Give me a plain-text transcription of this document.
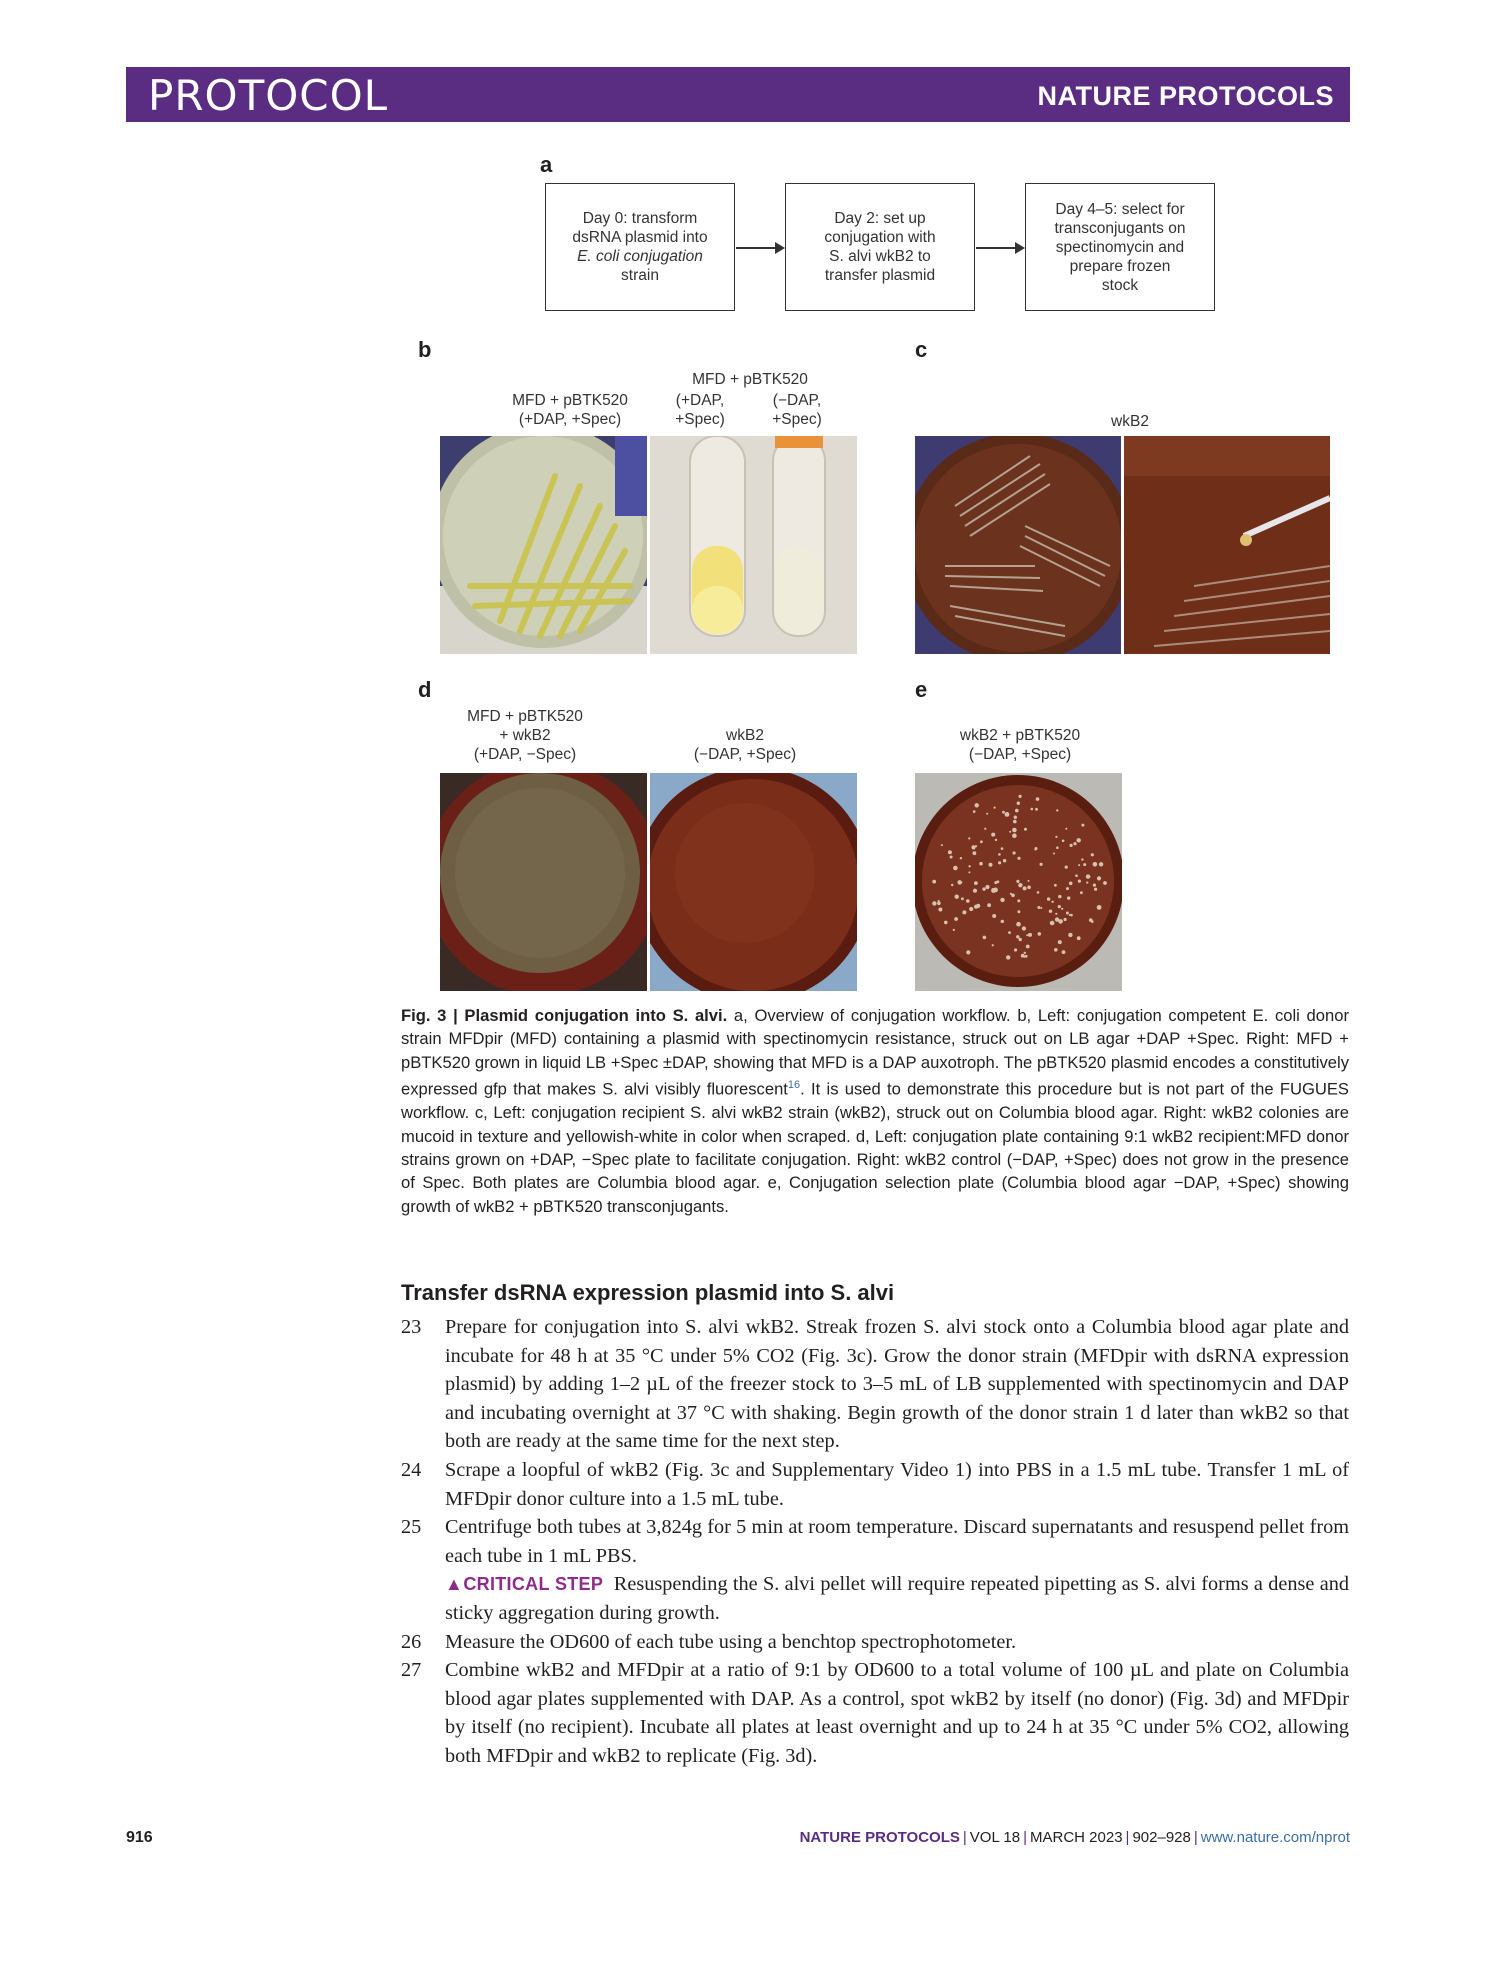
PROTOCOL	NATURE PROTOCOLS
a
Day 0: transform
dsRNA plasmid into
E. coli conjugation
strain
Day 2: set up
conjugation with
S. alvi wkB2 to
transfer plasmid
Day 4–5: select for
transconjugants on
spectinomycin and
prepare frozen
stock
b
MFD + pBTK520
(+DAP, +Spec)
MFD + pBTK520
(+DAP,
+Spec)
(−DAP,
+Spec)
c
wkB2
d
MFD + pBTK520
+ wkB2
(+DAP, −Spec)
wkB2
(−DAP, +Spec)
e
wkB2 + pBTK520
(−DAP, +Spec)
Fig. 3 | Plasmid conjugation into S. alvi. a, Overview of conjugation workflow. b, Left: conjugation competent E. coli donor strain MFDpir (MFD) containing a plasmid with spectinomycin resistance, struck out on LB agar +DAP +Spec. Right: MFD + pBTK520 grown in liquid LB +Spec ±DAP, showing that MFD is a DAP auxotroph. The pBTK520 plasmid encodes a constitutively expressed gfp that makes S. alvi visibly fluorescent$^{16}$. It is used to demonstrate this procedure but is not part of the FUGUES workflow. c, Left: conjugation recipient S. alvi wkB2 strain (wkB2), struck out on Columbia blood agar. Right: wkB2 colonies are mucoid in texture and yellowish-white in color when scraped. d, Left: conjugation plate containing 9:1 wkB2 recipient:MFD donor strains grown on +DAP, −Spec plate to facilitate conjugation. Right: wkB2 control (−DAP, +Spec) does not grow in the presence of Spec. Both plates are Columbia blood agar. e, Conjugation selection plate (Columbia blood agar −DAP, +Spec) showing growth of wkB2 + pBTK520 transconjugants.
Transfer dsRNA expression plasmid into S. alvi
23 Prepare for conjugation into S. alvi wkB2. Streak frozen S. alvi stock onto a Columbia blood agar plate and incubate for 48 h at 35 °C under 5% CO2 (Fig. 3c). Grow the donor strain (MFDpir with dsRNA expression plasmid) by adding 1–2 µL of the freezer stock to 3–5 mL of LB supplemented with spectinomycin and DAP and incubating overnight at 37 °C with shaking. Begin growth of the donor strain 1 d later than wkB2 so that both are ready at the same time for the next step.
24 Scrape a loopful of wkB2 (Fig. 3c and Supplementary Video 1) into PBS in a 1.5 mL tube. Transfer 1 mL of MFDpir donor culture into a 1.5 mL tube.
25 Centrifuge both tubes at 3,824g for 5 min at room temperature. Discard supernatants and resuspend pellet from each tube in 1 mL PBS.
▲CRITICAL STEP Resuspending the S. alvi pellet will require repeated pipetting as S. alvi forms a dense and sticky aggregation during growth.
26 Measure the OD600 of each tube using a benchtop spectrophotometer.
27 Combine wkB2 and MFDpir at a ratio of 9:1 by OD600 to a total volume of 100 µL and plate on Columbia blood agar plates supplemented with DAP. As a control, spot wkB2 by itself (no donor) (Fig. 3d) and MFDpir by itself (no recipient). Incubate all plates at least overnight and up to 24 h at 35 °C under 5% CO2, allowing both MFDpir and wkB2 to replicate (Fig. 3d).
916	NATURE PROTOCOLS | VOL 18 | MARCH 2023 | 902–928 | www.nature.com/nprot
